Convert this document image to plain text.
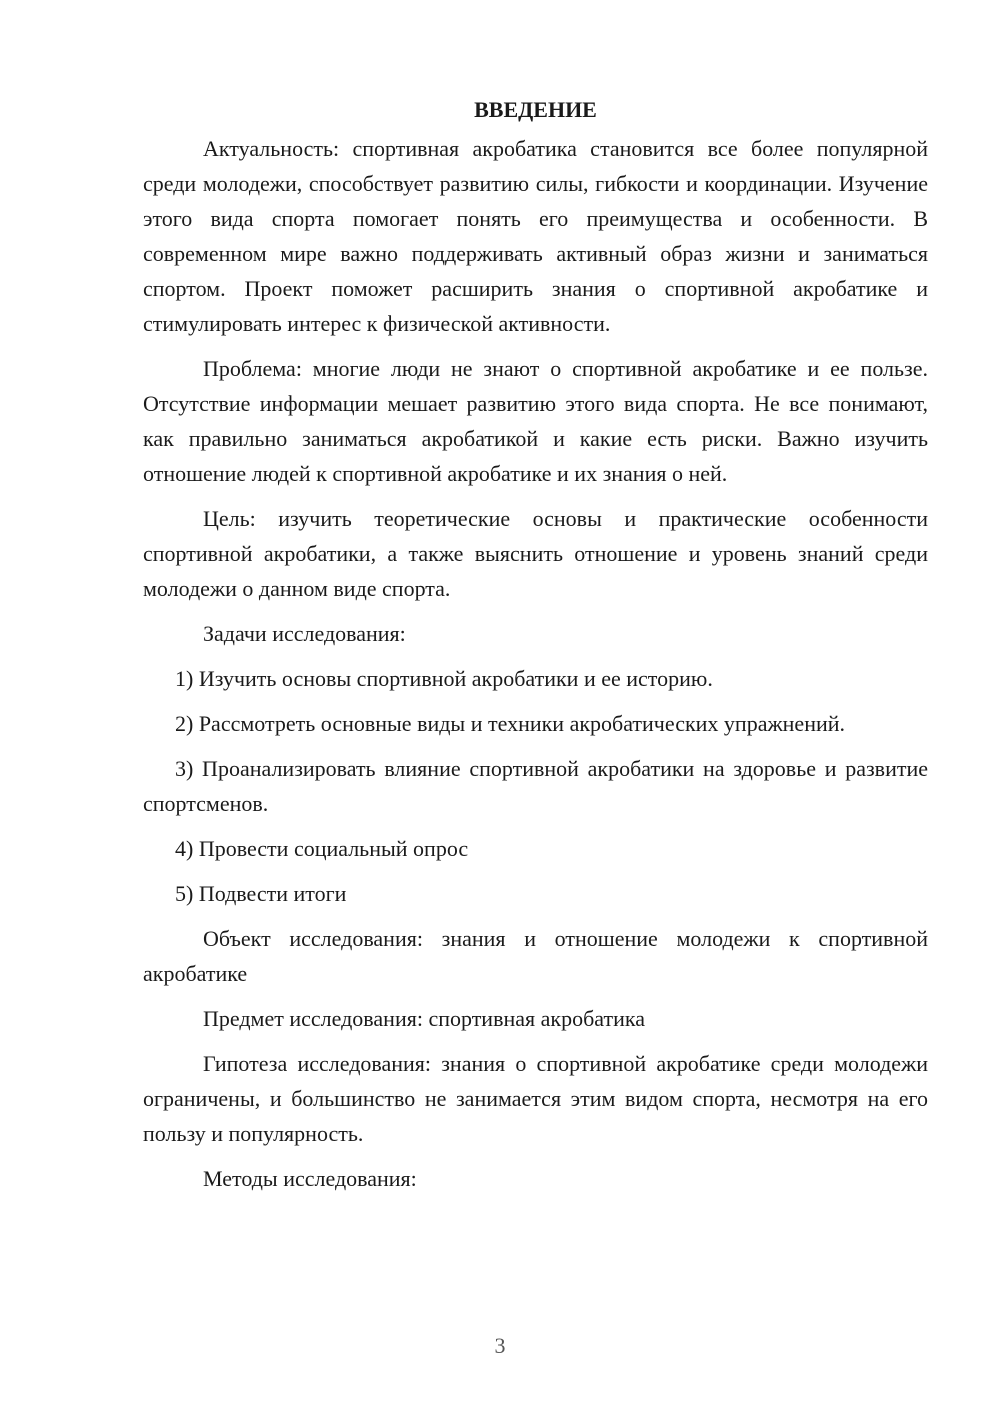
ВВЕДЕНИЕ

Актуальность: спортивная акробатика становится все более популярной среди молодежи, способствует развитию силы, гибкости и координации. Изучение этого вида спорта помогает понять его преимущества и особенности. В современном мире важно поддерживать активный образ жизни и заниматься спортом. Проект поможет расширить знания о спортивной акробатике и стимулировать интерес к физической активности.

Проблема: многие люди не знают о спортивной акробатике и ее пользе. Отсутствие информации мешает развитию этого вида спорта. Не все понимают, как правильно заниматься акробатикой и какие есть риски. Важно изучить отношение людей к спортивной акробатике и их знания о ней.

Цель: изучить теоретические основы и практические особенности спортивной акробатики, а также выяснить отношение и уровень знаний среди молодежи о данном виде спорта.

Задачи исследования:

1) Изучить основы спортивной акробатики и ее историю.

2) Рассмотреть основные виды и техники акробатических упражнений.

3) Проанализировать влияние спортивной акробатики на здоровье и развитие спортсменов.

4) Провести социальный опрос

5) Подвести итоги

Объект исследования: знания и отношение молодежи к спортивной акробатике

Предмет исследования: спортивная акробатика

Гипотеза исследования: знания о спортивной акробатике среди молодежи ограничены, и большинство не занимается этим видом спорта, несмотря на его пользу и популярность.

Методы исследования:

3
